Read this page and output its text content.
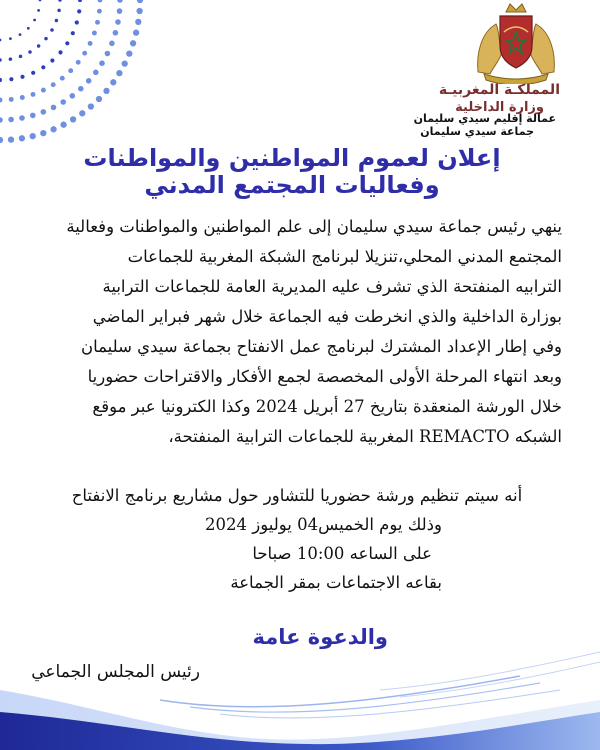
المملكـة المغربيـة
وزارة الداخلية
عمالة إقليم سيدي سليمان
جماعة سيدي سليمان
إعلان لعموم المواطنين والمواطنات
وفعاليات المجتمع المدني
ينهي رئيس جماعة سيدي سليمان إلى علم المواطنين والمواطنات وفعالية
المجتمع المدني المحلي،تنزيلا لبرنامج الشبكة المغربية للجماعات
الترابيه المنفتحة الذي تشرف عليه المديرية العامة للجماعات الترابية
بوزارة الداخلية والذي انخرطت فيه الجماعة خلال شهر فبراير الماضي
وفي إطار الإعداد المشترك لبرنامج عمل الانفتاح بجماعة سيدي سليمان
وبعد انتهاء المرحلة الأولى المخصصة لجمع الأفكار والاقتراحات حضوريا
خلال الورشة المنعقدة بتاريخ 27 أبريل 2024 وكذا الكترونيا عبر موقع
الشبكه REMACTO المغربية للجماعات الترابية المنفتحة،
أنه سيتم تنظيم ورشة حضوريا للتشاور حول مشاريع برنامج الانفتاح
وذلك يوم الخميس04 يوليوز 2024
على الساعه 10:00 صباحا
بقاعه الاجتماعات بمقر الجماعة
والدعوة عامة
رئيس المجلس الجماعي
